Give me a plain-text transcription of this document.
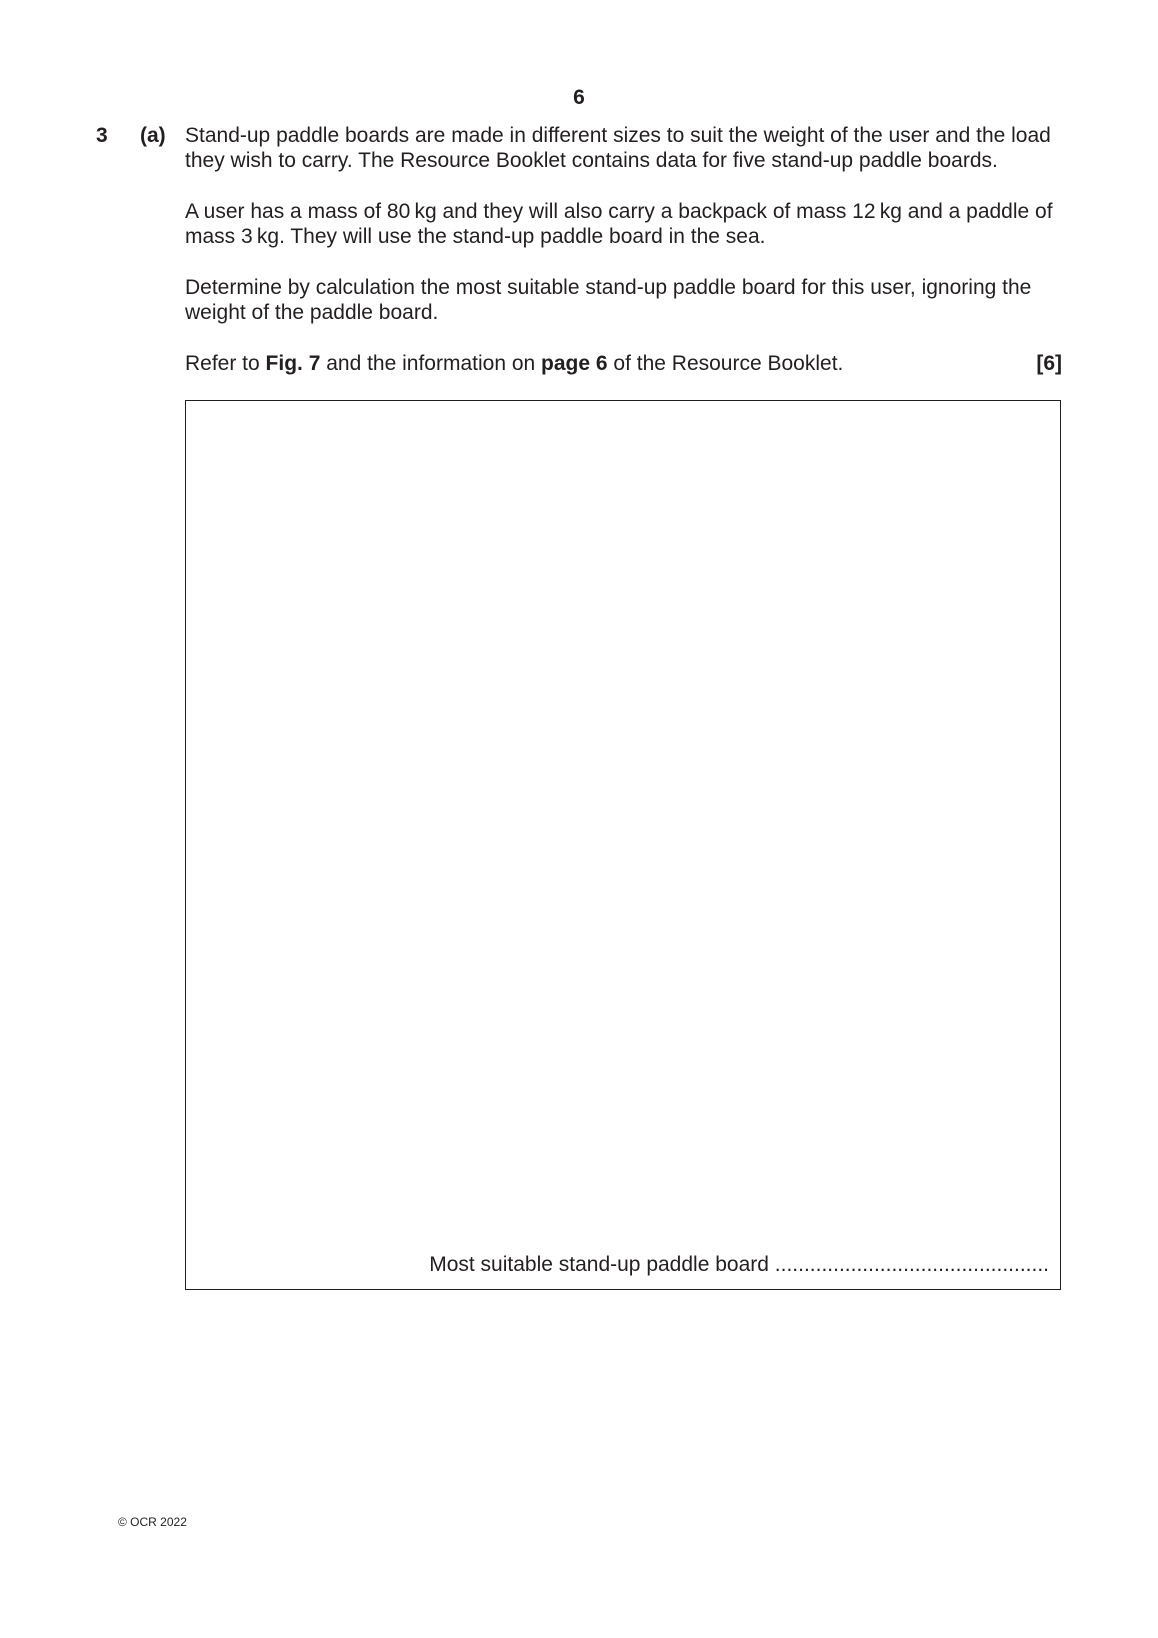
6
3 (a) Stand-up paddle boards are made in different sizes to suit the weight of the user and the load they wish to carry. The Resource Booklet contains data for five stand-up paddle boards.
A user has a mass of 80 kg and they will also carry a backpack of mass 12 kg and a paddle of mass 3 kg. They will use the stand-up paddle board in the sea.
Determine by calculation the most suitable stand-up paddle board for this user, ignoring the weight of the paddle board.
Refer to Fig. 7 and the information on page 6 of the Resource Booklet.	[6]
Most suitable stand-up paddle board ...............................................
© OCR 2022
